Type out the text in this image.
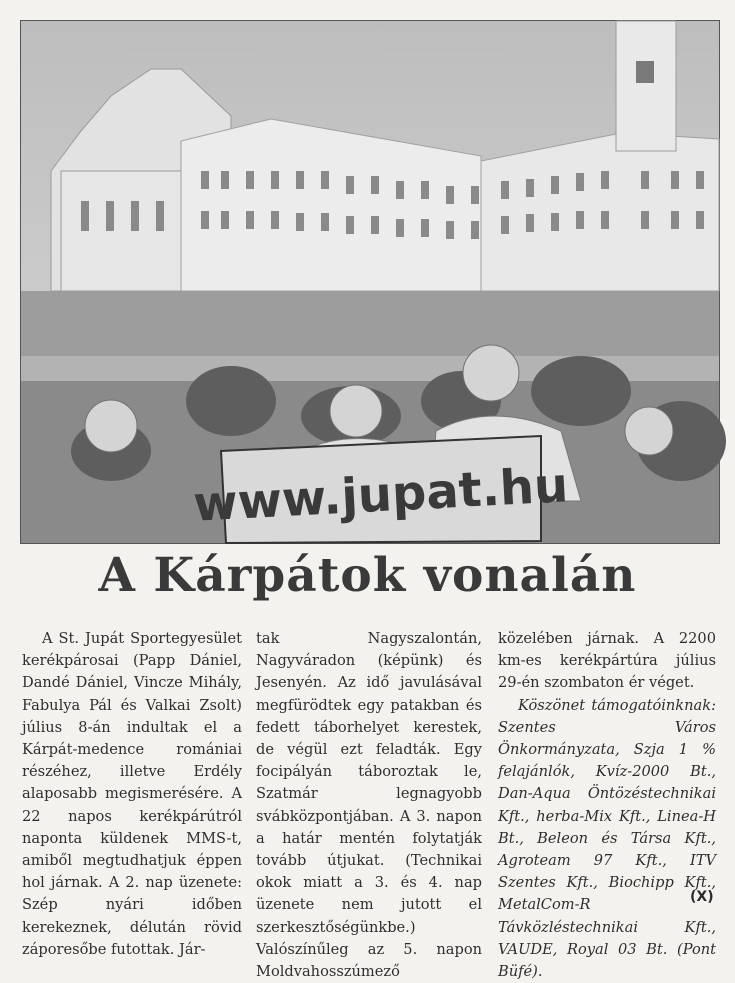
www.jupat.hu
A Kárpátok vonalán

A St. Jupát Sportegyesület kerékpárosai (Papp Dániel, Dandé Dániel, Vincze Mihály, Fabulya Pál és Valkai Zsolt) július 8-án indultak el a Kárpát-medence romániai részéhez, illetve Erdély alaposabb megismerésére. A 22 napos kerékpárútról naponta küldenek MMS-t, amiből megtudhatjuk éppen hol járnak. A 2. nap üzenete: Szép nyári időben kerekeznek, délután rövid záporesőbe futottak. Jár-

tak Nagyszalontán, Nagyváradon (képünk) és Jesenyén. Az idő javulásával megfürödtek egy patakban és fedett táborhelyet kerestek, de végül ezt feladták. Egy focipályán táboroztak le, Szatmár legnagyobb svábközpontjában. A 3. napon a határ mentén folytatják tovább útjukat. (Technikai okok miatt a 3. és 4. nap üzenete nem jutott el szerkesztőségünkbe.) Valószínűleg az 5. napon Moldvahosszúmező

közelében járnak. A 2200 km-es kerékpártúra július 29-én szombaton ér véget.

Köszönet támogatóinknak: Szentes Város Önkormányzata, Szja 1 % felajánlók, Kvíz-2000 Bt., Dan-Aqua Öntözéstechnikai Kft., herba-Mix Kft., Linea-H Bt., Beleon és Társa Kft., Agroteam 97 Kft., ITV Szentes Kft., Biochipp Kft., MetalCom-R Távközléstechnikai Kft., VAUDE, Royal 03 Bt. (Pont Büfé).

(X)
